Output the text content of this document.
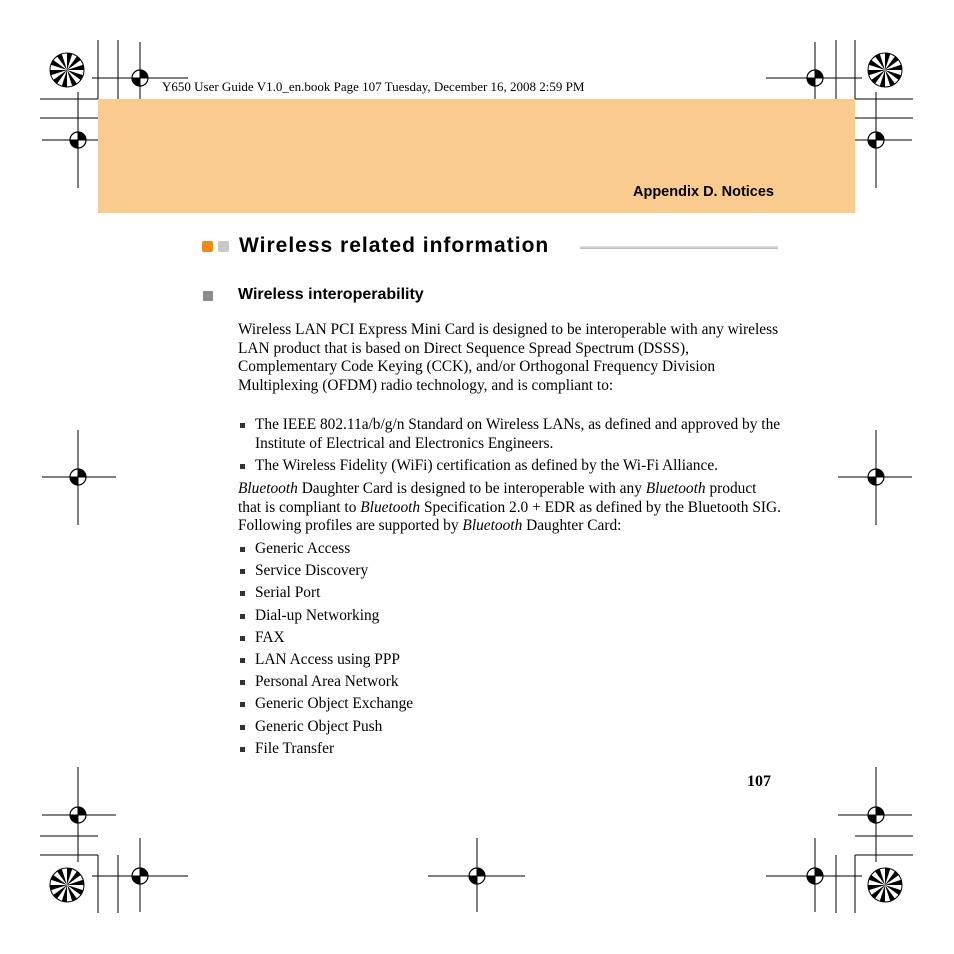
Y650 User Guide V1.0_en.book Page 107 Tuesday, December 16, 2008 2:59 PM
Appendix D. Notices
Wireless related information
Wireless interoperability

Wireless LAN PCI Express Mini Card is designed to be interoperable with any wireless LAN product that is based on Direct Sequence Spread Spectrum (DSSS), Complementary Code Keying (CCK), and/or Orthogonal Frequency Division Multiplexing (OFDM) radio technology, and is compliant to:

The IEEE 802.11a/b/g/n Standard on Wireless LANs, as defined and approved by the Institute of Electrical and Electronics Engineers.
The Wireless Fidelity (WiFi) certification as defined by the Wi-Fi Alliance.

Bluetooth Daughter Card is designed to be interoperable with any Bluetooth product that is compliant to Bluetooth Specification 2.0 + EDR as defined by the Bluetooth SIG. Following profiles are supported by Bluetooth Daughter Card:

Generic Access
Service Discovery
Serial Port
Dial-up Networking
FAX
LAN Access using PPP
Personal Area Network
Generic Object Exchange
Generic Object Push
File Transfer
107
